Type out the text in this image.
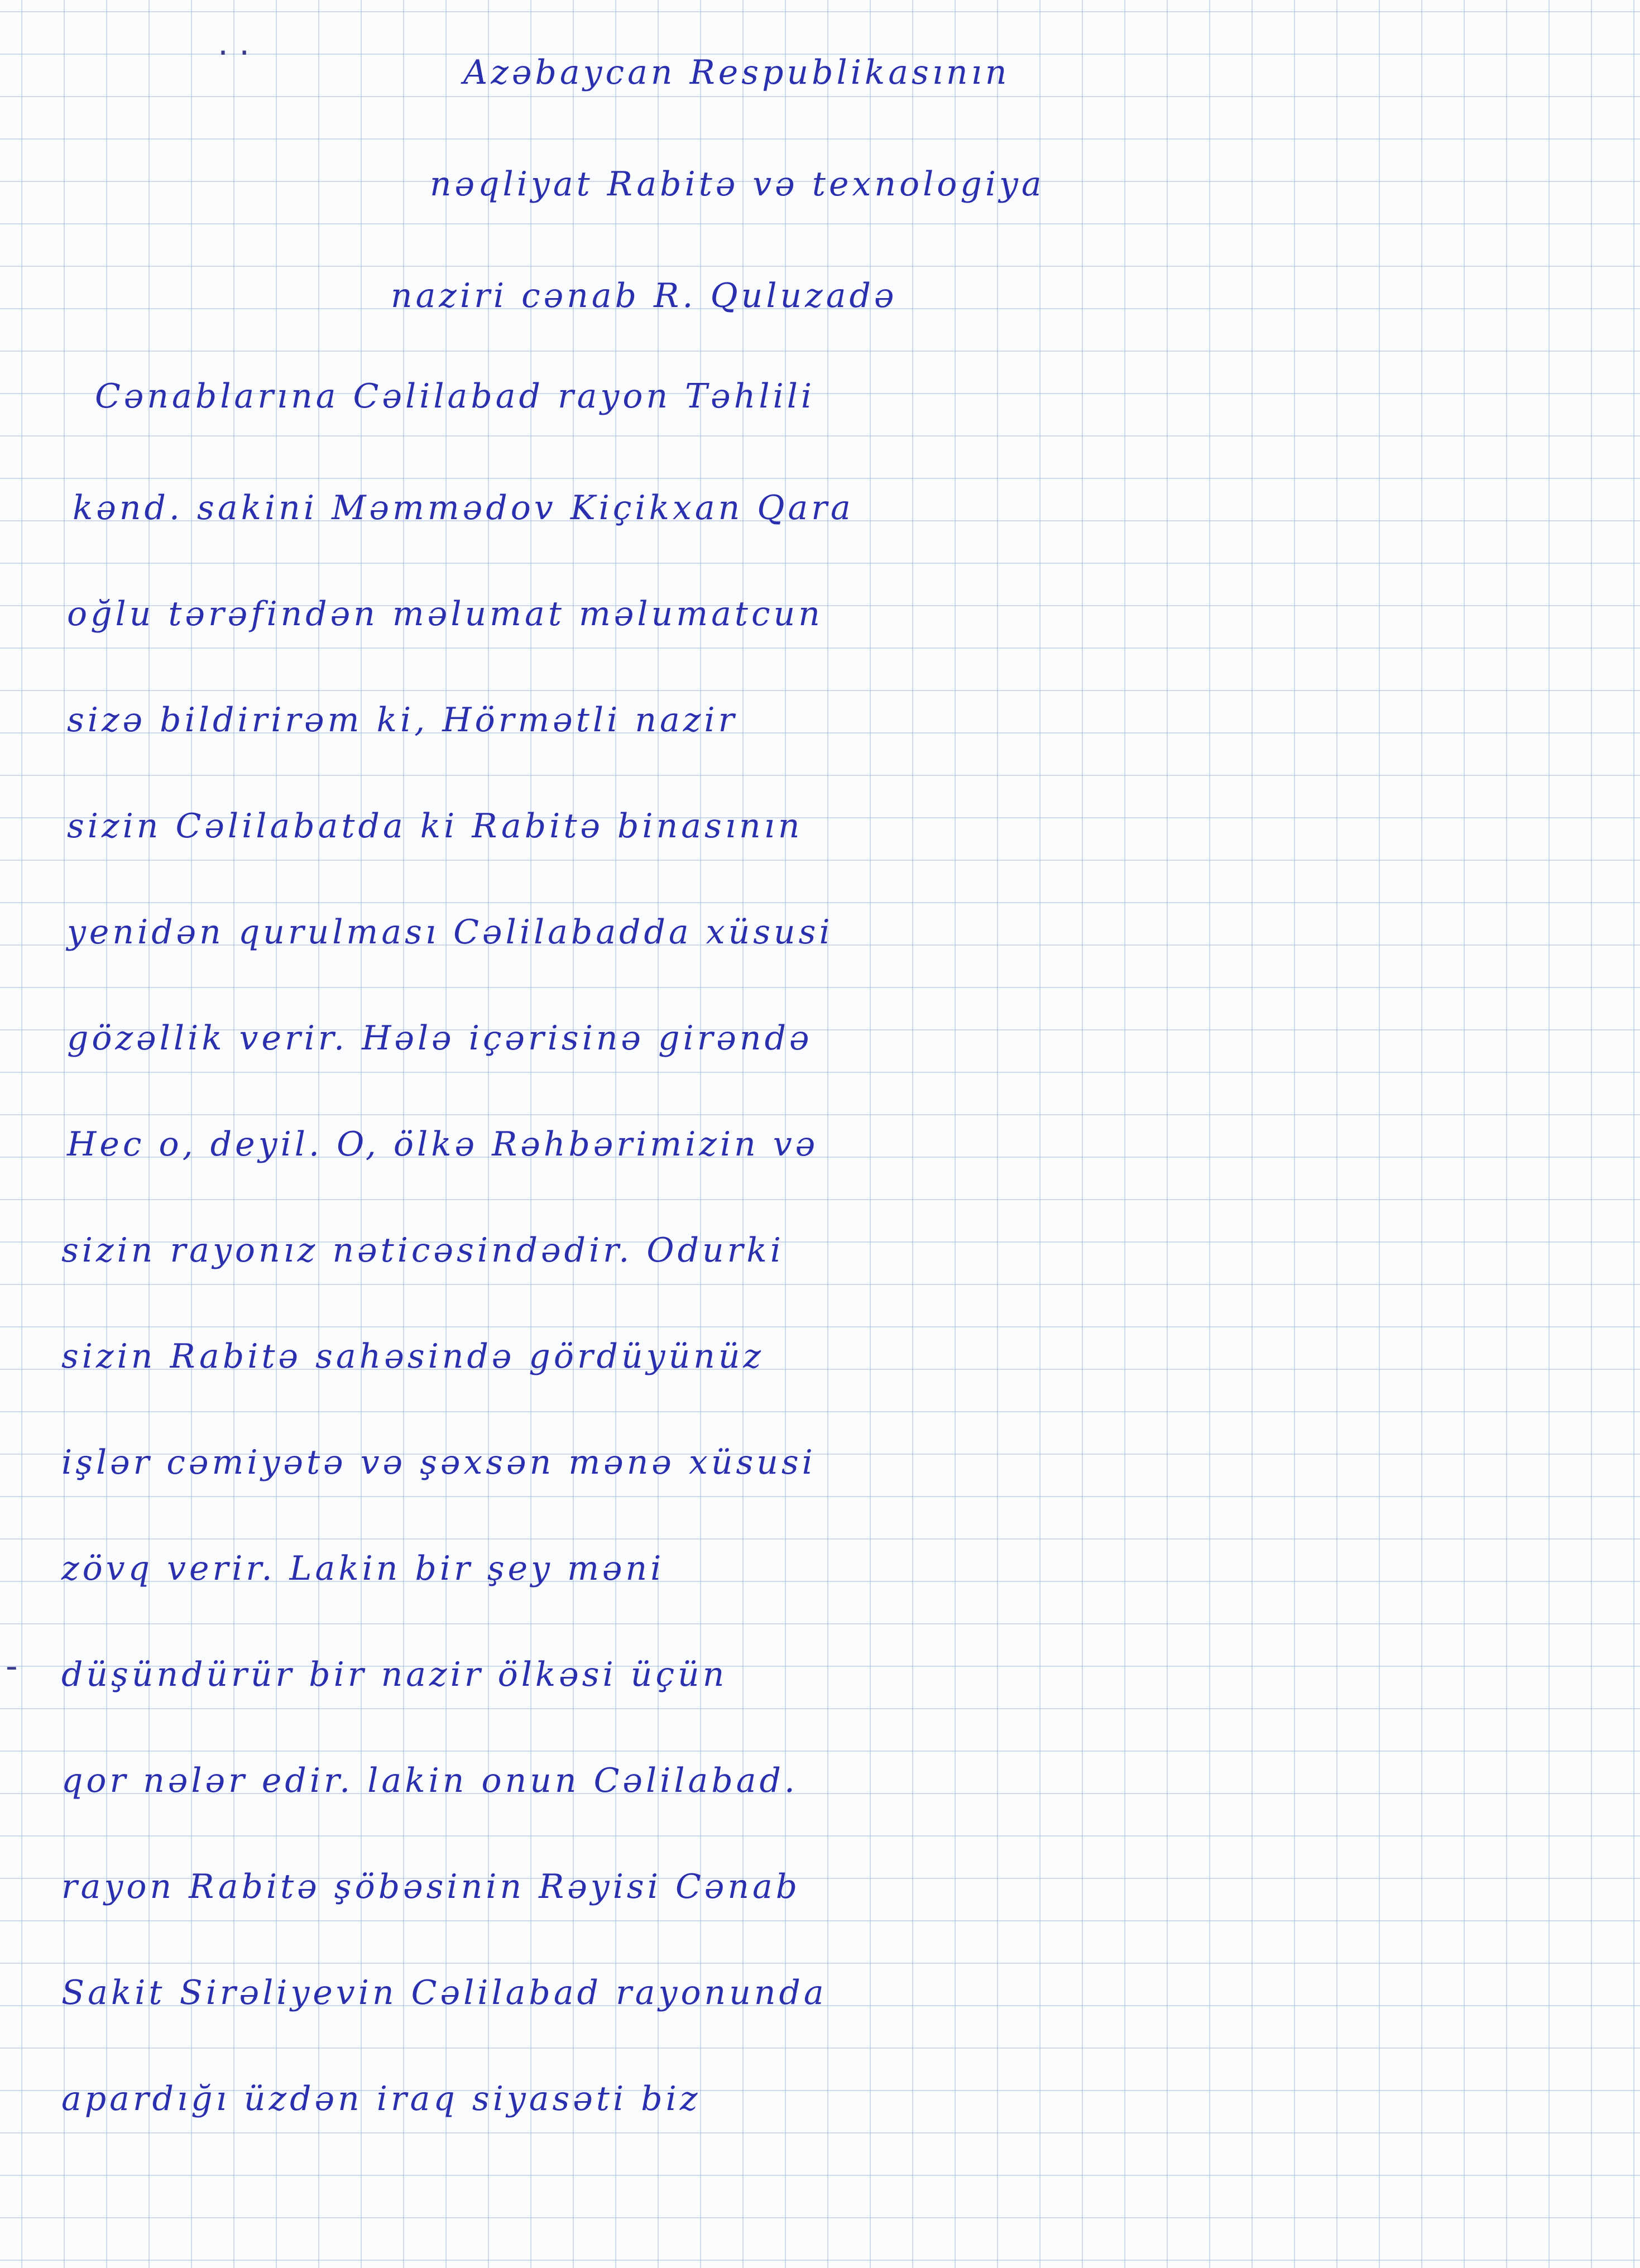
· ·
-
Azəbaycan Respublikasının
nəqliyat Rabitə və texnologiya
naziri cənab R. Quluzadə
Cənablarına Cəlilabad rayon Təhlili
kənd. sakini Məmmədov Kiçikxan Qara
oğlu tərəfindən məlumat məlumatcun
sizə bildirirəm ki, Hörmətli nazir
sizin Cəlilabatda ki Rabitə binasının
yenidən qurulması Cəlilabadda xüsusi
gözəllik verir. Hələ içərisinə girəndə
Hec o, deyil. O, ölkə Rəhbərimizin və
sizin rayonız nəticəsindədir. Odurki
sizin Rabitə sahəsində gördüyünüz
işlər cəmiyətə və şəxsən mənə xüsusi
zövq verir. Lakin bir şey məni
düşündürür bir nazir ölkəsi üçün
qor nələr edir. lakin onun Cəlilabad.
rayon Rabitə şöbəsinin Rəyisi Cənab
Sakit Sirəliyevin Cəlilabad rayonunda
apardığı üzdən iraq siyasəti biz
